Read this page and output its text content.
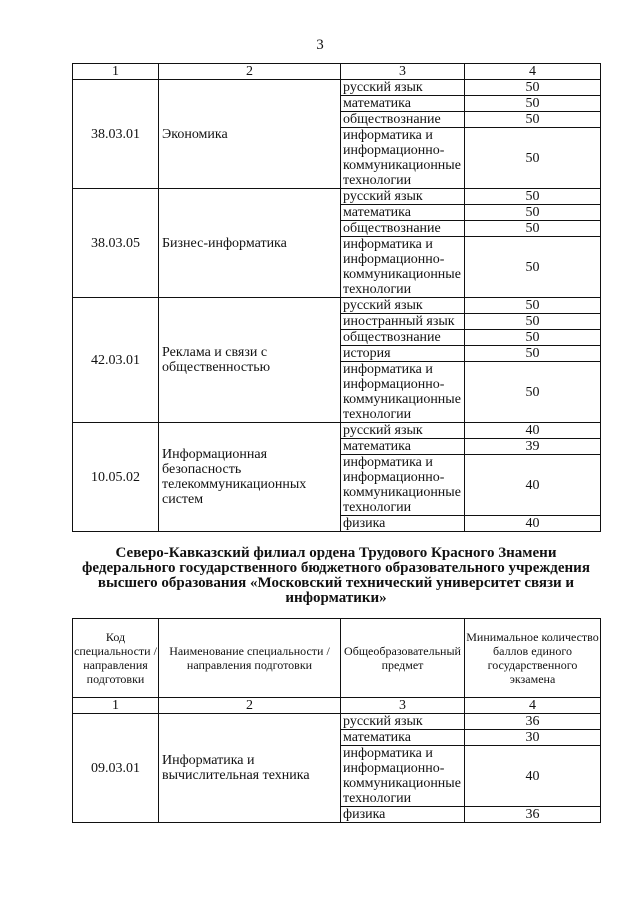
3
1	2	3	4
38.03.01	Экономика	русский язык	50
		математика	50
		обществознание	50
		информатика и информационно-коммуникационные технологии	50
38.03.05	Бизнес-информатика	русский язык	50
		математика	50
		обществознание	50
		информатика и информационно-коммуникационные технологии	50
42.03.01	Реклама и связи с общественностью	русский язык	50
		иностранный язык	50
		обществознание	50
		история	50
		информатика и информационно-коммуникационные технологии	50
10.05.02	Информационная безопасность телекоммуникационных систем	русский язык	40
		математика	39
		информатика и информационно-коммуникационные технологии	40
		физика	40
Северо-Кавказский филиал ордена Трудового Красного Знамени федерального государственного бюджетного образовательного учреждения высшего образования «Московский технический университет связи и информатики»
Код специальности / направления подготовки	Наименование специальности / направления подготовки	Общеобразовательный предмет	Минимальное количество баллов единого государственного экзамена
1	2	3	4
09.03.01	Информатика и вычислительная техника	русский язык	36
		математика	30
		информатика и информационно-коммуникационные технологии	40
		физика	36
